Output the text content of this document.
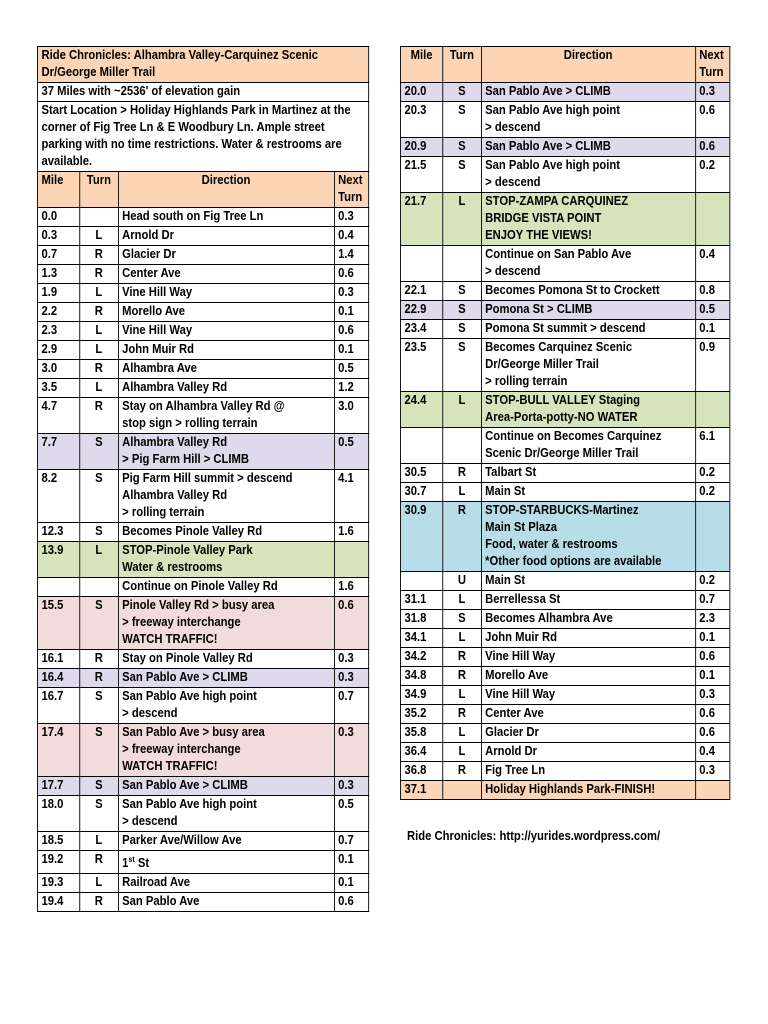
Ride Chronicles: Alhambra Valley-Carquinez Scenic Dr/George Miller Trail			
37 Miles with ~2536' of elevation gain			
Start Location > Holiday Highlands Park in Martinez at the corner of Fig Tree Ln & E Woodbury Ln. Ample street parking with no time restrictions. Water & restrooms are available.			
Mile	Turn	Direction	Next
Turn
0.0		Head south on Fig Tree Ln	0.3
0.3	L	Arnold Dr	0.4
0.7	R	Glacier Dr	1.4
1.3	R	Center Ave	0.6
1.9	L	Vine Hill Way	0.3
2.2	R	Morello Ave	0.1
2.3	L	Vine Hill Way	0.6
2.9	L	John Muir Rd	0.1
3.0	R	Alhambra Ave	0.5
3.5	L	Alhambra Valley Rd	1.2
4.7	R	Stay on Alhambra Valley Rd @
stop sign > rolling terrain	3.0
7.7	S	Alhambra Valley Rd
> Pig Farm Hill > CLIMB	0.5
8.2	S	Pig Farm Hill summit > descend
Alhambra Valley Rd
> rolling terrain	4.1
12.3	S	Becomes Pinole Valley Rd	1.6
13.9	L	STOP-Pinole Valley Park
Water & restrooms	
		Continue on Pinole Valley Rd	1.6
15.5	S	Pinole Valley Rd > busy area
> freeway interchange
WATCH TRAFFIC!	0.6
16.1	R	Stay on Pinole Valley Rd	0.3
16.4	R	San Pablo Ave > CLIMB	0.3
16.7	S	San Pablo Ave high point
> descend	0.7
17.4	S	San Pablo Ave > busy area
> freeway interchange
WATCH TRAFFIC!	0.3
17.7	S	San Pablo Ave > CLIMB	0.3
18.0	S	San Pablo Ave high point
> descend	0.5
18.5	L	Parker Ave/Willow Ave	0.7
19.2	R	1st St	0.1
19.3	L	Railroad Ave	0.1
19.4	R	San Pablo Ave	0.6
Mile	Turn	Direction	Next
Turn
20.0	S	San Pablo Ave > CLIMB	0.3
20.3	S	San Pablo Ave high point
> descend	0.6
20.9	S	San Pablo Ave > CLIMB	0.6
21.5	S	San Pablo Ave high point
> descend	0.2
21.7	L	STOP-ZAMPA CARQUINEZ
BRIDGE VISTA POINT
ENJOY THE VIEWS!	
		Continue on San Pablo Ave
> descend	0.4
22.1	S	Becomes Pomona St to Crockett	0.8
22.9	S	Pomona St > CLIMB	0.5
23.4	S	Pomona St summit > descend	0.1
23.5	S	Becomes Carquinez Scenic
Dr/George Miller Trail
> rolling terrain	0.9
24.4	L	STOP-BULL VALLEY Staging
Area-Porta-potty-NO WATER	
		Continue on Becomes Carquinez
Scenic Dr/George Miller Trail	6.1
30.5	R	Talbart St	0.2
30.7	L	Main St	0.2
30.9	R	STOP-STARBUCKS-Martinez
Main St Plaza
Food, water & restrooms
*Other food options are available	
	U	Main St	0.2
31.1	L	Berrellessa St	0.7
31.8	S	Becomes Alhambra Ave	2.3
34.1	L	John Muir Rd	0.1
34.2	R	Vine Hill Way	0.6
34.8	R	Morello Ave	0.1
34.9	L	Vine Hill Way	0.3
35.2	R	Center Ave	0.6
35.8	L	Glacier Dr	0.6
36.4	L	Arnold Dr	0.4
36.8	R	Fig Tree Ln	0.3
37.1		Holiday Highlands Park-FINISH!	
Ride Chronicles: http://yurides.wordpress.com/
